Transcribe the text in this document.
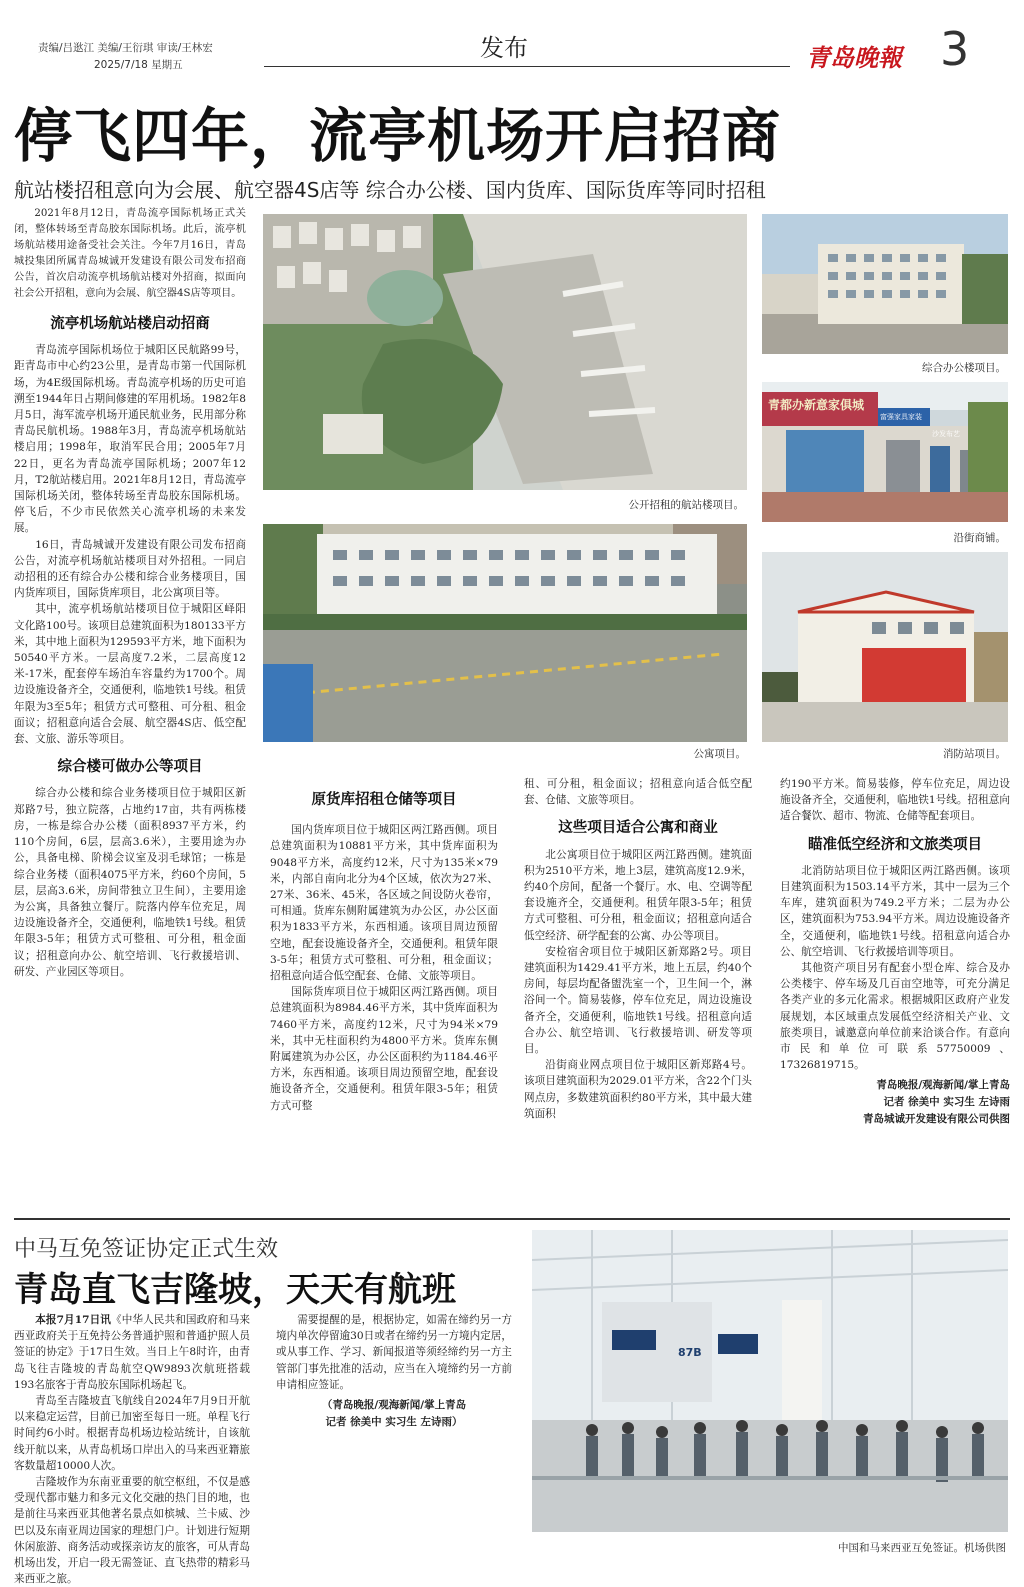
责编/吕逖江 美编/王衍琪 审读/王林宏
2025/7/18 星期五
发布	青岛晚報 3
停飞四年，流亭机场开启招商
航站楼招租意向为会展、航空器4S店等 综合办公楼、国内货库、国际货库等同时招租

2021年8月12日，青岛流亭国际机场正式关闭，整体转场至青岛胶东国际机场。此后，流亭机场航站楼用途备受社会关注。今年7月16日，青岛城投集团所属青岛城诚开发建设有限公司发布招商公告，首次启动流亭机场航站楼对外招商，拟面向社会公开招租，意向为会展、航空器4S店等项目。

流亭机场航站楼启动招商

青岛流亭国际机场位于城阳区民航路99号，距青岛市中心约23公里，是青岛市第一代国际机场，为4E级国际机场。青岛流亭机场的历史可追溯至1944年日占期间修建的军用机场。1982年8月5日，海军流亭机场开通民航业务，民用部分称青岛民航机场。1988年3月，青岛流亭机场航站楼启用；1998年，取消军民合用；2005年7月22日，更名为青岛流亭国际机场；2007年12月，T2航站楼启用。2021年8月12日，青岛流亭国际机场关闭，整体转场至青岛胶东国际机场。停飞后，不少市民依然关心流亭机场的未来发展。

16日，青岛城诚开发建设有限公司发布招商公告，对流亭机场航站楼项目对外招租。一同启动招租的还有综合办公楼和综合业务楼项目，国内货库项目，国际货库项目，北公寓项目等。

其中，流亭机场航站楼项目位于城阳区峄阳文化路100号。该项目总建筑面积为180133平方米，其中地上面积为129593平方米，地下面积为50540平方米。一层高度7.2米，二层高度12米-17米，配套停车场泊车容量约为1700个。周边设施设备齐全，交通便利，临地铁1号线。租赁年限为3至5年；租赁方式可整租、可分租、租金面议；招租意向适合会展、航空器4S店、低空配套、文旅、游乐等项目。

综合楼可做办公等项目

综合办公楼和综合业务楼项目位于城阳区新郑路7号，独立院落，占地约17亩，共有两栋楼房，一栋是综合办公楼（面积8937平方米，约110个房间，6层，层高3.6米），主要用途为办公，具备电梯、阶梯会议室及羽毛球馆；一栋是综合业务楼（面积4075平方米，约60个房间，5层，层高3.6米，房间带独立卫生间），主要用途为公寓，具备独立餐厅。院落内停车位充足，周边设施设备齐全，交通便利，临地铁1号线。租赁年限3-5年；租赁方式可整租、可分租，租金面议；招租意向办公、航空培训、飞行救援培训、研发、产业园区等项目。

公开招租的航站楼项目。
综合办公楼项目。
青都办新意家俱城
富强家具家装
沙发布艺
沿街商铺。
公寓项目。	消防站项目。
原货库招租仓储等项目

国内货库项目位于城阳区两江路西侧。项目总建筑面积为10881平方米，其中货库面积为9048平方米，高度约12米，尺寸为135米×79米，内部自南向北分为4个区域，依次为27米、27米、36米、45米，各区域之间设防火卷帘，可相通。货库东侧附属建筑为办公区，办公区面积为1833平方米，东西相通。该项目周边预留空地，配套设施设备齐全，交通便利。租赁年限3-5年；租赁方式可整租、可分租，租金面议；招租意向适合低空配套、仓储、文旅等项目。

国际货库项目位于城阳区两江路西侧。项目总建筑面积为8984.46平方米，其中货库面积为7460平方米，高度约12米，尺寸为94米×79米，其中无柱面积约为4800平方米。货库东侧附属建筑为办公区，办公区面积约为1184.46平方米，东西相通。该项目周边预留空地，配套设施设备齐全，交通便利。租赁年限3-5年；租赁方式可整

租、可分租，租金面议；招租意向适合低空配套、仓储、文旅等项目。

这些项目适合公寓和商业

北公寓项目位于城阳区两江路西侧。建筑面积为2510平方米，地上3层，建筑高度12.9米，约40个房间，配备一个餐厅。水、电、空调等配套设施齐全，交通便利。租赁年限3-5年；租赁方式可整租、可分租，租金面议；招租意向适合低空经济、研学配套的公寓、办公等项目。

安检宿舍项目位于城阳区新郑路2号。项目建筑面积为1429.41平方米，地上五层，约40个房间，每层均配备盥洗室一个，卫生间一个，淋浴间一个。简易装修，停车位充足，周边设施设备齐全，交通便利，临地铁1号线。招租意向适合办公、航空培训、飞行救援培训、研发等项目。

沿街商业网点项目位于城阳区新郑路4号。该项目建筑面积为2029.01平方米，含22个门头网点房，多数建筑面积约80平方米，其中最大建筑面积

约190平方米。简易装修，停车位充足，周边设施设备齐全，交通便利，临地铁1号线。招租意向适合餐饮、超市、物流、仓储等配套项目。

瞄准低空经济和文旅类项目

北消防站项目位于城阳区两江路西侧。该项目建筑面积为1503.14平方米，其中一层为三个车库，建筑面积为749.2平方米；二层为办公区，建筑面积为753.94平方米。周边设施设备齐全，交通便利，临地铁1号线。招租意向适合办公、航空培训、飞行救援培训等项目。

其他资产项目另有配套小型仓库、综合及办公类楼宇、停车场及几百亩空地等，可充分满足各类产业的多元化需求。根据城阳区政府产业发展规划，本区域重点发展低空经济相关产业、文旅类项目，诚邀意向单位前来洽谈合作。有意向市民和单位可联系57750009、17326819715。

青岛晚报/观海新闻/掌上青岛
记者 徐美中 实习生 左诗雨
青岛城诚开发建设有限公司供图
中马互免签证协定正式生效
青岛直飞吉隆坡，天天有航班

本报7月17日讯《中华人民共和国政府和马来西亚政府关于互免持公务普通护照和普通护照人员签证的协定》于17日生效。当日上午8时许，由青岛飞往吉隆坡的青岛航空QW9893次航班搭载193名旅客于青岛胶东国际机场起飞。

青岛至吉隆坡直飞航线自2024年7月9日开航以来稳定运营，目前已加密至每日一班。单程飞行时间约6小时。根据青岛机场边检站统计，自该航线开航以来，从青岛机场口岸出入的马来西亚籍旅客数量超10000人次。

吉隆坡作为东南亚重要的航空枢纽，不仅是感受现代都市魅力和多元文化交融的热门目的地，也是前往马来西亚其他著名景点如槟城、兰卡威、沙巴以及东南亚周边国家的理想门户。计划进行短期休闲旅游、商务活动或探亲访友的旅客，可从青岛机场出发，开启一段无需签证、直飞热带的精彩马来西亚之旅。

需要提醒的是，根据协定，如需在缔约另一方境内单次停留逾30日或者在缔约另一方境内定居，或从事工作、学习、新闻报道等须经缔约另一方主管部门事先批准的活动，应当在入境缔约另一方前申请相应签证。

（青岛晚报/观海新闻/掌上青岛
记者 徐美中 实习生 左诗雨）
87B
中国和马来西亚互免签证。机场供图
